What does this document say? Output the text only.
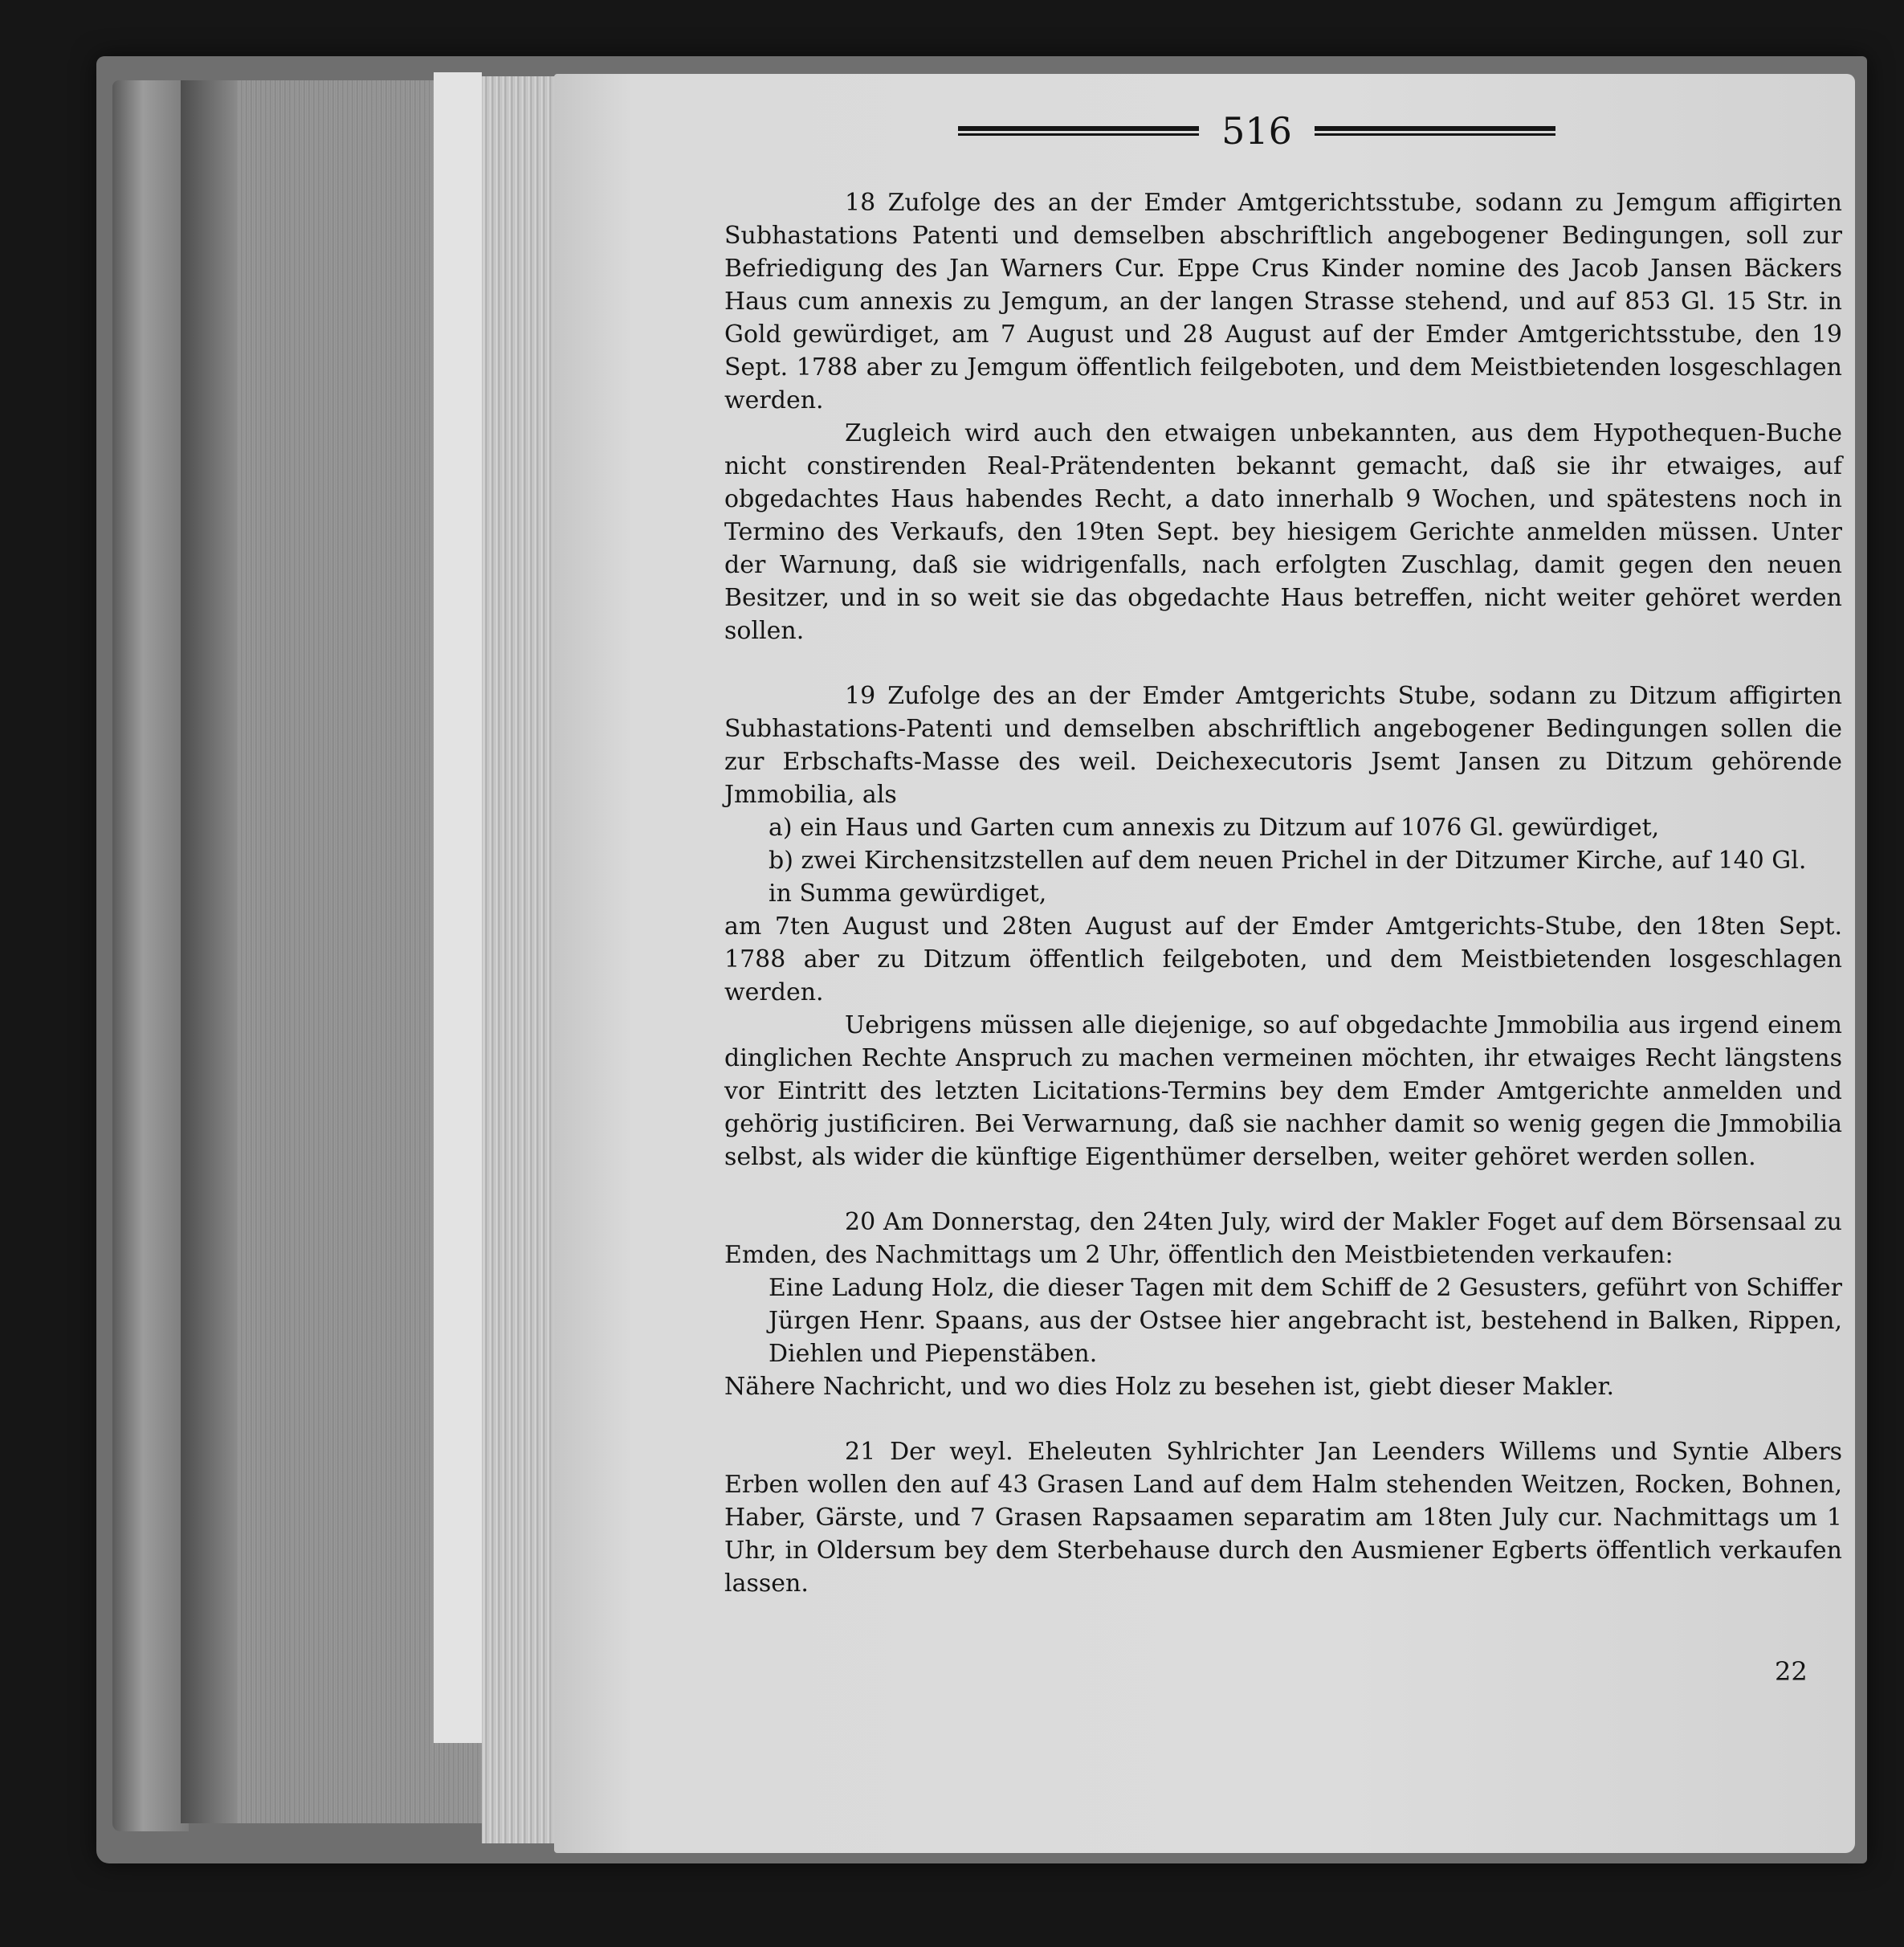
516

18 Zufolge des an der Emder Amtgerichtsstube, sodann zu Jemgum affigirten Subhastations Patenti und demselben abschriftlich angebogener Bedingungen, soll zur Befriedigung des Jan Warners Cur. Eppe Crus Kinder nomine des Jacob Jansen Bäckers Haus cum annexis zu Jemgum, an der langen Strasse stehend, und auf 853 Gl. 15 Str. in Gold gewürdiget, am 7 August und 28 August auf der Emder Amtgerichtsstube, den 19 Sept. 1788 aber zu Jemgum öffentlich feilgeboten, und dem Meistbietenden losgeschlagen werden.

Zugleich wird auch den etwaigen unbekannten, aus dem Hypothequen-Buche nicht constirenden Real-Prätendenten bekannt gemacht, daß sie ihr etwaiges, auf obgedachtes Haus habendes Recht, a dato innerhalb 9 Wochen, und spätestens noch in Termino des Verkaufs, den 19ten Sept. bey hiesigem Gerichte anmelden müssen. Unter der Warnung, daß sie widrigenfalls, nach erfolgten Zuschlag, damit gegen den neuen Besitzer, und in so weit sie das obgedachte Haus betreffen, nicht weiter gehöret werden sollen.

19 Zufolge des an der Emder Amtgerichts Stube, sodann zu Ditzum affigirten Subhastations-Patenti und demselben abschriftlich angebogener Bedingungen sollen die zur Erbschafts-Masse des weil. Deichexecutoris Jsemt Jansen zu Ditzum gehörende Jmmobilia, als

a) ein Haus und Garten cum annexis zu Ditzum auf 1076 Gl. gewürdiget,

b) zwei Kirchensitzstellen auf dem neuen Prichel in der Ditzumer Kirche, auf 140 Gl.

in Summa gewürdiget,

am 7ten August und 28ten August auf der Emder Amtgerichts-Stube, den 18ten Sept. 1788 aber zu Ditzum öffentlich feilgeboten, und dem Meistbietenden losgeschlagen werden.

Uebrigens müssen alle diejenige, so auf obgedachte Jmmobilia aus irgend einem dinglichen Rechte Anspruch zu machen vermeinen möchten, ihr etwaiges Recht längstens vor Eintritt des letzten Licitations-Termins bey dem Emder Amtgerichte anmelden und gehörig justificiren. Bei Verwarnung, daß sie nachher damit so wenig gegen die Jmmobilia selbst, als wider die künftige Eigenthümer derselben, weiter gehöret werden sollen.

20 Am Donnerstag, den 24ten July, wird der Makler Foget auf dem Börsensaal zu Emden, des Nachmittags um 2 Uhr, öffentlich den Meistbietenden verkaufen:

Eine Ladung Holz, die dieser Tagen mit dem Schiff de 2 Gesusters, geführt von Schiffer Jürgen Henr. Spaans, aus der Ostsee hier angebracht ist, bestehend in Balken, Rippen, Diehlen und Piepenstäben.

Nähere Nachricht, und wo dies Holz zu besehen ist, giebt dieser Makler.

21 Der weyl. Eheleuten Syhlrichter Jan Leenders Willems und Syntie Albers Erben wollen den auf 43 Grasen Land auf dem Halm stehenden Weitzen, Rocken, Bohnen, Haber, Gärste, und 7 Grasen Rapsaamen separatim am 18ten July cur. Nachmittags um 1 Uhr, in Oldersum bey dem Sterbehause durch den Ausmiener Egberts öffentlich verkaufen lassen.

22
